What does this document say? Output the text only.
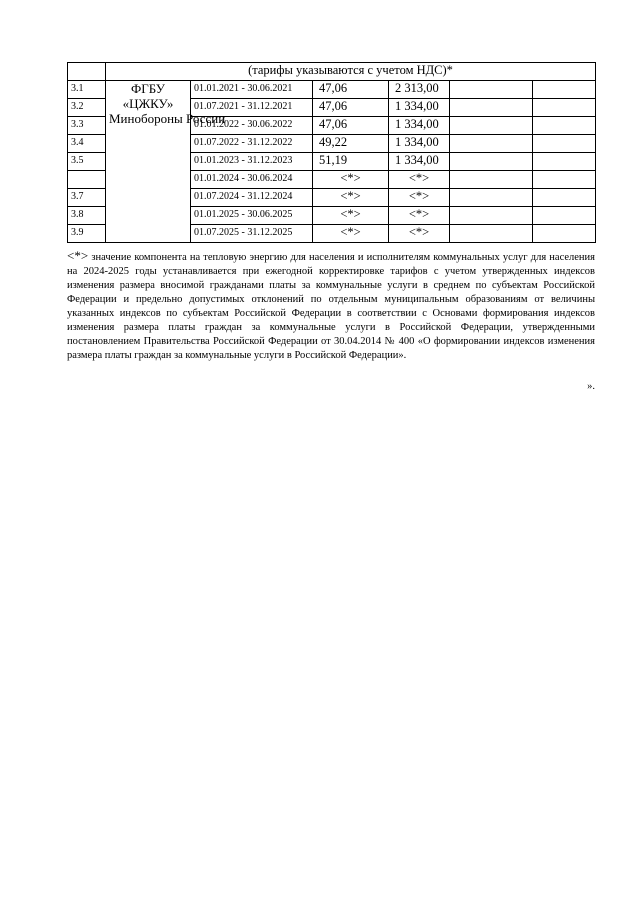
	(тарифы указываются с учетом НДС)*					
3.1	ФГБУ
«ЦЖКУ»
Минобороны России	01.01.2021 - 30.06.2021	47,06	2 313,00		
3.2		01.07.2021 - 31.12.2021	47,06	1 334,00		
3.3		01.01.2022 - 30.06.2022	47,06	1 334,00		
3.4		01.07.2022 - 31.12.2022	49,22	1 334,00		
3.5		01.01.2023 - 31.12.2023	51,19	1 334,00		
		01.01.2024 - 30.06.2024	<*>	<*>		
3.7		01.07.2024 - 31.12.2024	<*>	<*>		
3.8		01.01.2025 - 30.06.2025	<*>	<*>		
3.9		01.07.2025 - 31.12.2025	<*>	<*>		
<*> значение компонента на тепловую энергию для населения и исполнителям коммунальных услуг для населения на 2024-2025 годы устанавливается при ежегодной корректировке тарифов с учетом утвержденных индексов изменения размера вносимой гражданами платы за коммунальные услуги в среднем по субъектам Российской Федерации и предельно допустимых отклонений по отдельным муниципальным образованиям от величины указанных индексов по субъектам Российской Федерации в соответствии с Основами формирования индексов изменения размера платы граждан за коммунальные услуги в Российской Федерации, утвержденными постановлением Правительства Российской Федерации от 30.04.2014 № 400 «О формировании индексов изменения размера платы граждан за коммунальные услуги в Российской Федерации».
».
